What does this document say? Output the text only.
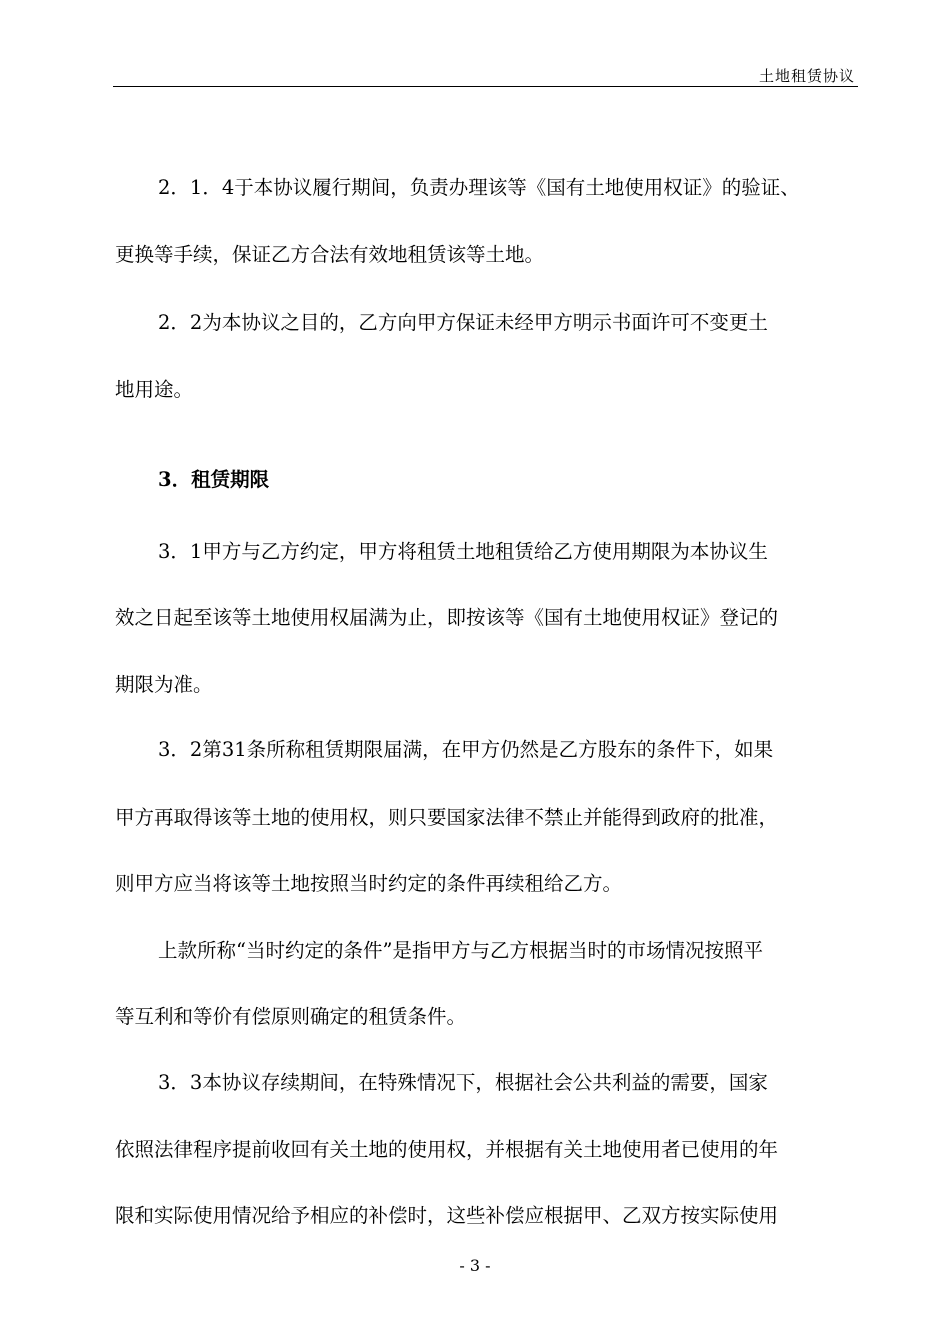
土地租赁协议
2．1．4于本协议履行期间，负责办理该等《国有土地使用权证》的验证、
更换等手续，保证乙方合法有效地租赁该等土地。
2．2为本协议之目的，乙方向甲方保证未经甲方明示书面许可不变更土
地用途。
3．租赁期限
3．1甲方与乙方约定，甲方将租赁土地租赁给乙方使用期限为本协议生
效之日起至该等土地使用权届满为止，即按该等《国有土地使用权证》登记的
期限为准。
3．2第31条所称租赁期限届满，在甲方仍然是乙方股东的条件下，如果
甲方再取得该等土地的使用权，则只要国家法律不禁止并能得到政府的批准，
则甲方应当将该等土地按照当时约定的条件再续租给乙方。
上款所称“当时约定的条件”是指甲方与乙方根据当时的市场情况按照平
等互利和等价有偿原则确定的租赁条件。
3．3本协议存续期间，在特殊情况下，根据社会公共利益的需要，国家
依照法律程序提前收回有关土地的使用权，并根据有关土地使用者已使用的年
限和实际使用情况给予相应的补偿时，这些补偿应根据甲、乙双方按实际使用
- 3 -
